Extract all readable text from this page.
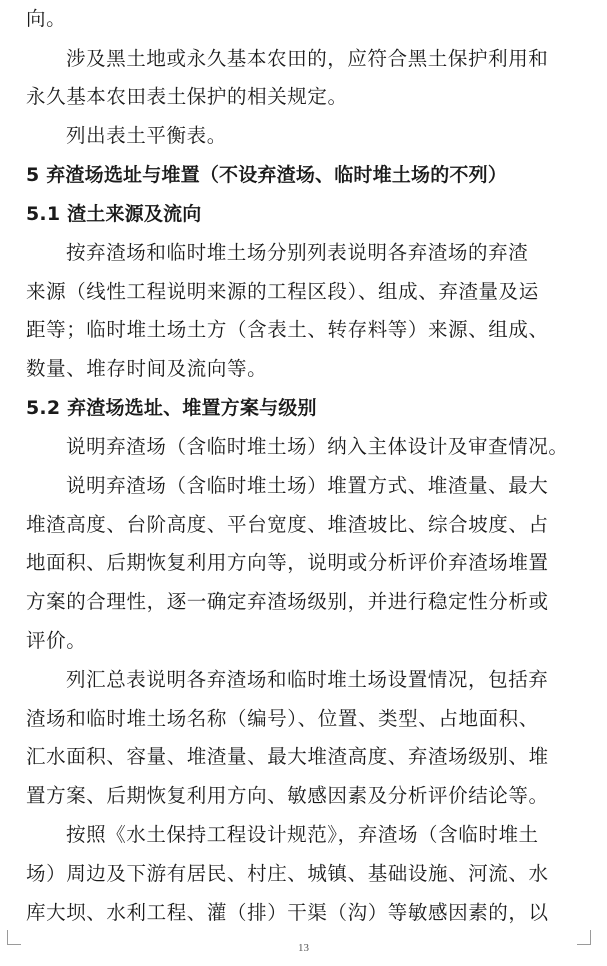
向。
涉及黑土地或永久基本农田的，应符合黑土保护利用和
永久基本农田表土保护的相关规定。
列出表土平衡表。
5 弃渣场选址与堆置（不设弃渣场、临时堆土场的不列）
5.1 渣土来源及流向
按弃渣场和临时堆土场分别列表说明各弃渣场的弃渣
来源（线性工程说明来源的工程区段）、组成、弃渣量及运
距等；临时堆土场土方（含表土、转存料等）来源、组成、
数量、堆存时间及流向等。
5.2 弃渣场选址、堆置方案与级别
说明弃渣场（含临时堆土场）纳入主体设计及审查情况。
说明弃渣场（含临时堆土场）堆置方式、堆渣量、最大
堆渣高度、台阶高度、平台宽度、堆渣坡比、综合坡度、占
地面积、后期恢复利用方向等，说明或分析评价弃渣场堆置
方案的合理性，逐一确定弃渣场级别，并进行稳定性分析或
评价。
列汇总表说明各弃渣场和临时堆土场设置情况，包括弃
渣场和临时堆土场名称（编号）、位置、类型、占地面积、
汇水面积、容量、堆渣量、最大堆渣高度、弃渣场级别、堆
置方案、后期恢复利用方向、敏感因素及分析评价结论等。
按照《水土保持工程设计规范》，弃渣场（含临时堆土
场）周边及下游有居民、村庄、城镇、基础设施、河流、水
库大坝、水利工程、灌（排）干渠（沟）等敏感因素的，以
13
